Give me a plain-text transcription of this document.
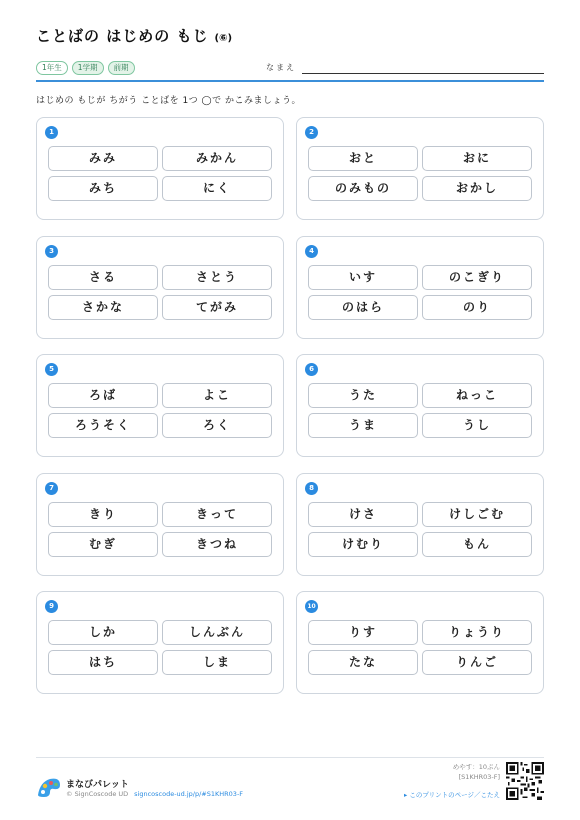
ことばの はじめの もじ (⑥)
1年生	1学期	前期	なまえ
はじめの もじが ちがう ことばを 1つ ◯で かこみましょう。
1
みみ	みかん
みち	にく
2
おと	おに
のみもの	おかし
3
さる	さとう
さかな	てがみ
4
いす	のこぎり
のはら	のり
5
ろば	よこ
ろうそく	ろく
6
うた	ねっこ
うま	うし
7
きり	きって
むぎ	きつね
8
けさ	けしごむ
けむり	もん
9
しか	しんぶん
はち	しま
10
りす	りょうり
たな	りんご
まなびパレット
© SignCoscode UD signcoscode-ud.jp/p/#S1KHR03-F
めやす：10ぷん
[S1KHR03-F]
▸ このプリントのページ／こたえ
